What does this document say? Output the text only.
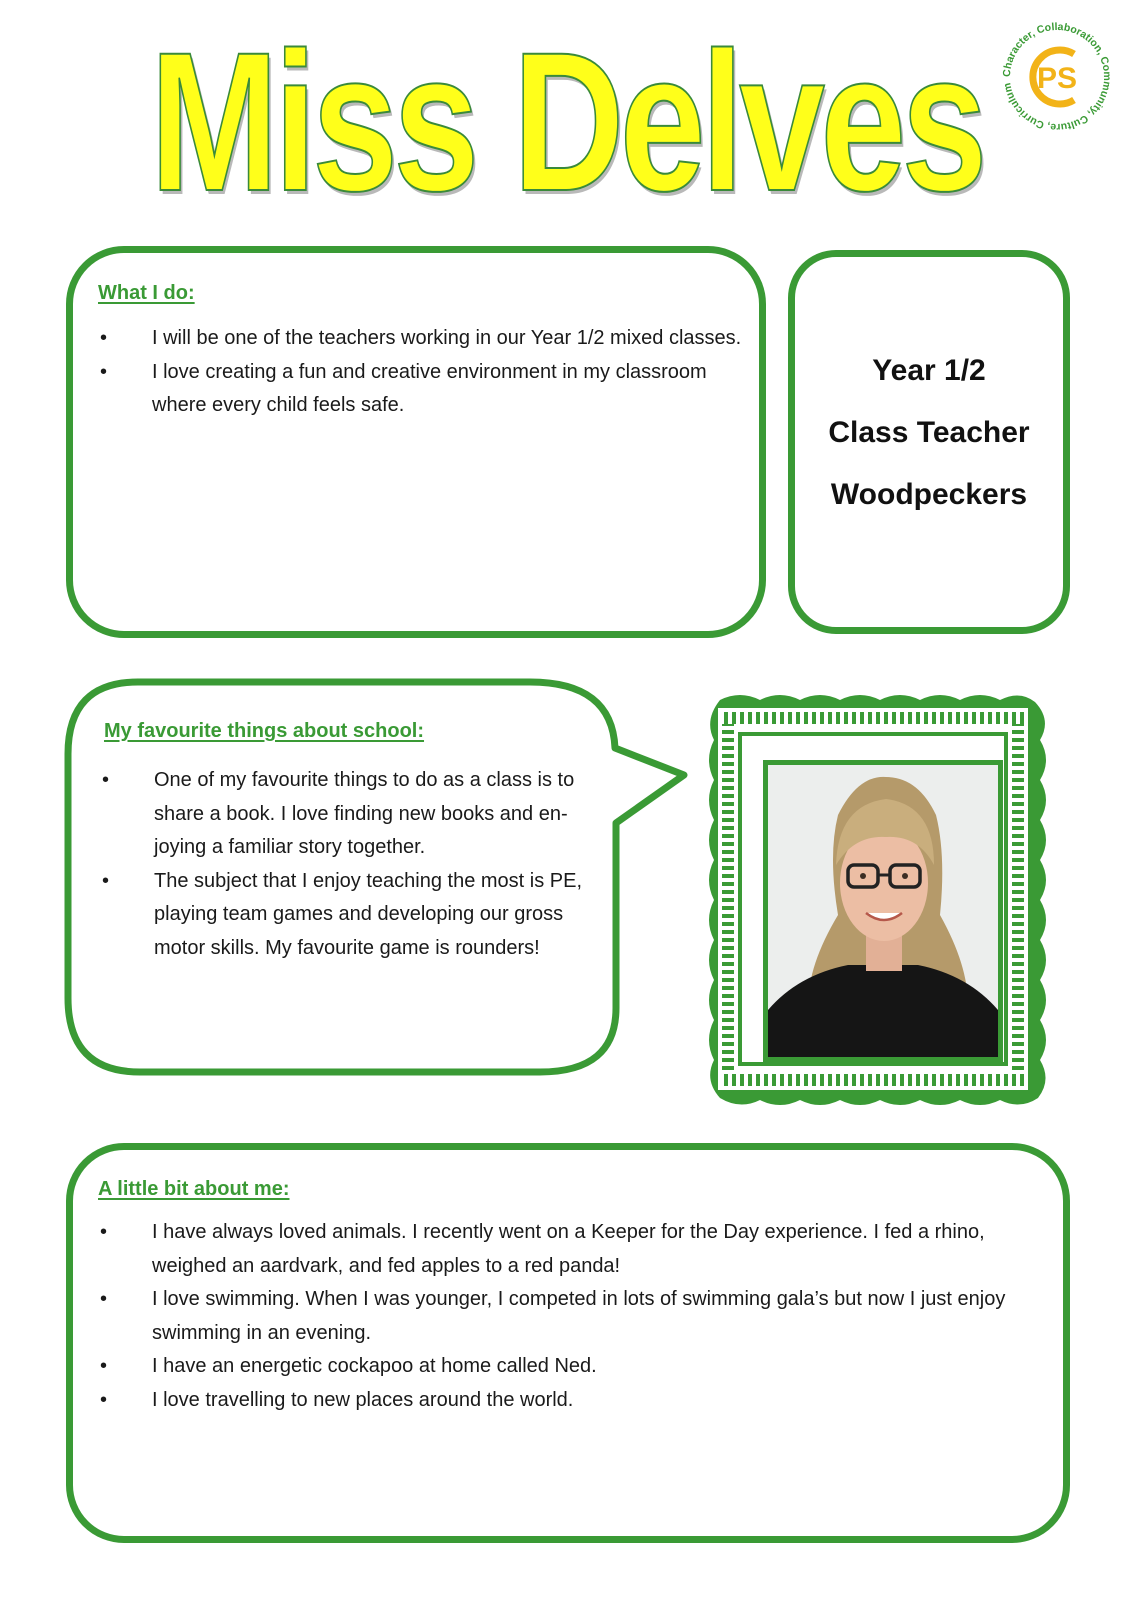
Miss Delves Character, Collaboration, Community, Culture, Curriculum PS
What I do:
• I will be one of the teachers working in our Year 1/2 mixed classes.
• I love creating a fun and creative environment in my classroom where every child feels safe.
Year 1/2
Class Teacher
Woodpeckers
My favourite things about school:
• One of my favourite things to do as a class is to share a book. I love finding new books and en-joying a familiar story together.
• The subject that I enjoy teaching the most is PE, playing team games and developing our gross motor skills. My favourite game is rounders!
A little bit about me:
• I have always loved animals. I recently went on a Keeper for the Day experience. I fed a rhino, weighed an aardvark, and fed apples to a red panda!
• I love swimming. When I was younger, I competed in lots of swimming gala’s but now I just enjoy swimming in an evening.
• I have an energetic cockapoo at home called Ned.
• I love travelling to new places around the world.
